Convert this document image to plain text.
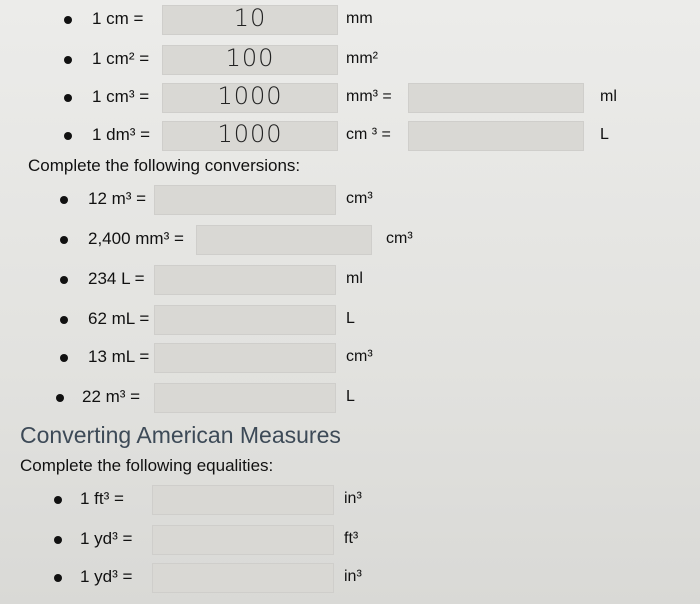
1 cm =	10	mm
1 cm² =	100	mm²
1 cm³ =	1000	mm³ =	ml
1 dm³ =	1000	cm ³ =	L
Complete the following conversions:
12 m³ =	cm³
2,400 mm³ =	cm³
234 L =	ml
62 mL =	L
13 mL =	cm³
22 m³ =	L
Converting American Measures
Complete the following equalities:
1 ft³ =	in³
1 yd³ =	ft³
1 yd³ =	in³
